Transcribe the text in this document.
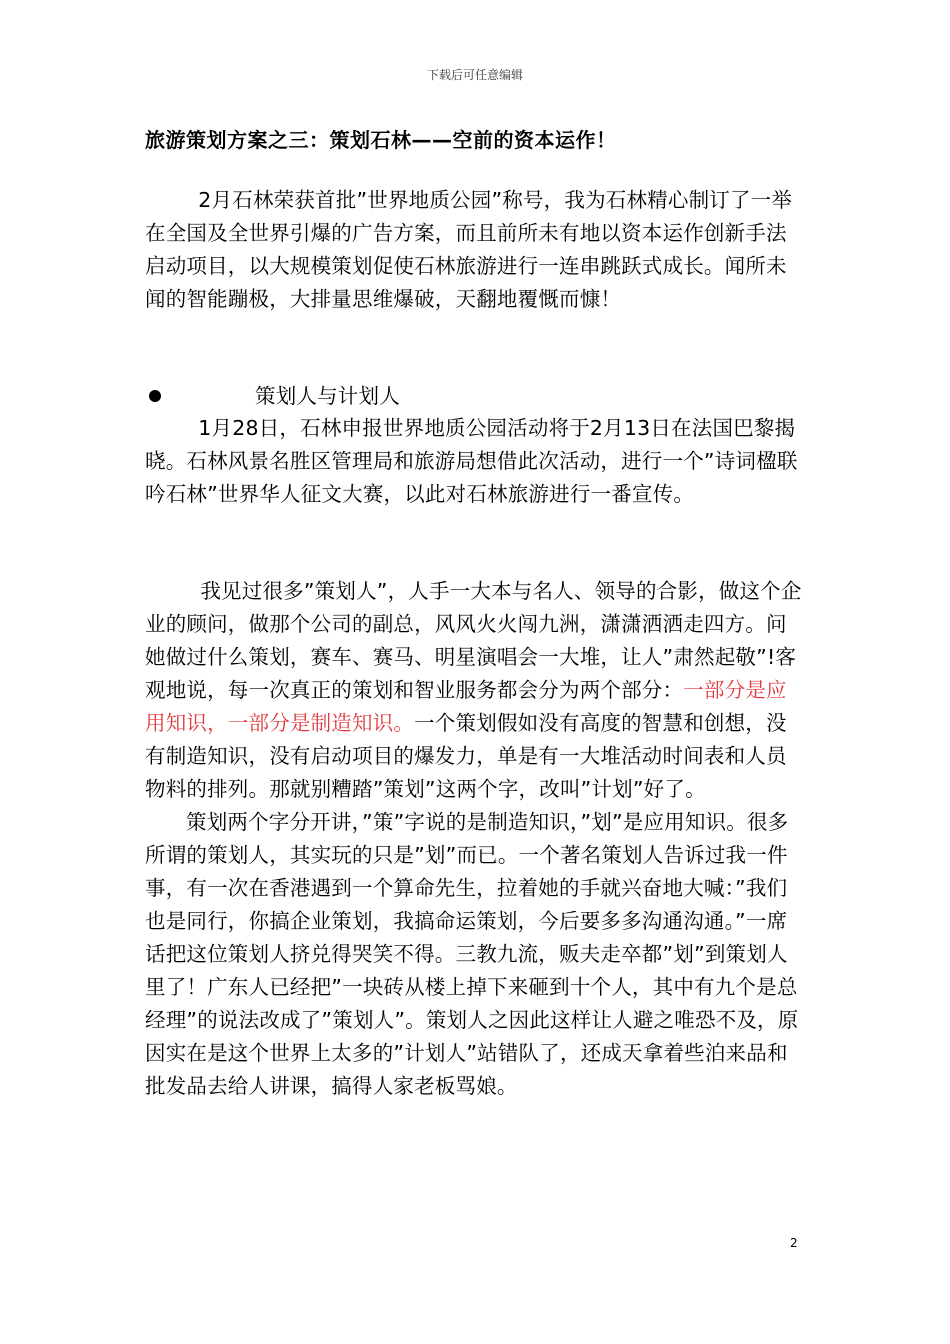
下载后可任意编辑
旅游策划方案之三：策划石林——空前的资本运作！

2月石林荣获首批”世界地质公园”称号，我为石林精心制订了一举在全国及全世界引爆的广告方案，而且前所未有地以资本运作创新手法启动项目，以大规模策划促使石林旅游进行一连串跳跃式成长。闻所未闻的智能蹦极，大排量思维爆破，天翻地覆慨而慷！

策划人与计划人

1月28日，石林申报世界地质公园活动将于2月13日在法国巴黎揭晓。石林风景名胜区管理局和旅游局想借此次活动，进行一个”诗词楹联吟石林”世界华人征文大赛，以此对石林旅游进行一番宣传。

我见过很多”策划人”，人手一大本与名人、领导的合影，做这个企业的顾问，做那个公司的副总，风风火火闯九洲，潇潇洒洒走四方。问她做过什么策划，赛车、赛马、明星演唱会一大堆，让人”肃然起敬”!客观地说，每一次真正的策划和智业服务都会分为两个部分：一部分是应用知识，一部分是制造知识。一个策划假如没有高度的智慧和创想，没有制造知识，没有启动项目的爆发力，单是有一大堆活动时间表和人员物料的排列。那就别糟踏”策划”这两个字，改叫”计划”好了。

策划两个字分开讲，”策”字说的是制造知识，”划”是应用知识。很多所谓的策划人，其实玩的只是”划”而已。一个著名策划人告诉过我一件事，有一次在香港遇到一个算命先生，拉着她的手就兴奋地大喊：”我们也是同行，你搞企业策划，我搞命运策划，今后要多多沟通沟通。”一席话把这位策划人挤兑得哭笑不得。三教九流，贩夫走卒都”划”到策划人里了！广东人已经把”一块砖从楼上掉下来砸到十个人，其中有九个是总经理”的说法改成了”策划人”。策划人之因此这样让人避之唯恐不及，原因实在是这个世界上太多的”计划人”站错队了，还成天拿着些泊来品和批发品去给人讲课，搞得人家老板骂娘。

2
